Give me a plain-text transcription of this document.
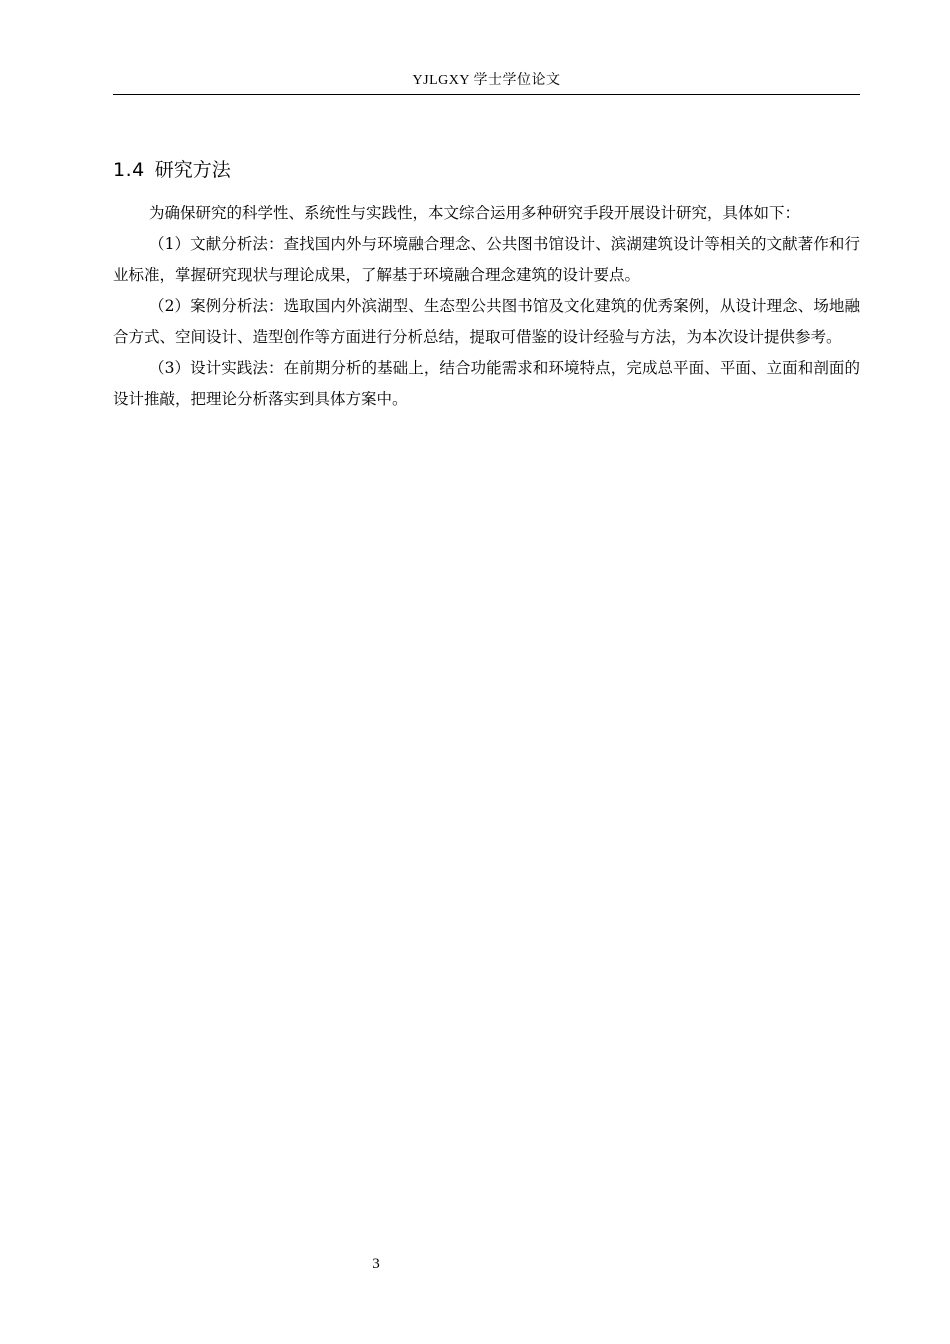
YJLGXY 学士学位论文
1.4 研究方法

为确保研究的科学性、系统性与实践性，本文综合运用多种研究手段开展设计研究，具体如下：

（1）文献分析法：查找国内外与环境融合理念、公共图书馆设计、滨湖建筑设计等相关的文献著作和行业标准，掌握研究现状与理论成果，了解基于环境融合理念建筑的设计要点。

（2）案例分析法：选取国内外滨湖型、生态型公共图书馆及文化建筑的优秀案例，从设计理念、场地融合方式、空间设计、造型创作等方面进行分析总结，提取可借鉴的设计经验与方法，为本次设计提供参考。

（3）设计实践法：在前期分析的基础上，结合功能需求和环境特点，完成总平面、平面、立面和剖面的设计推敲，把理论分析落实到具体方案中。

3
